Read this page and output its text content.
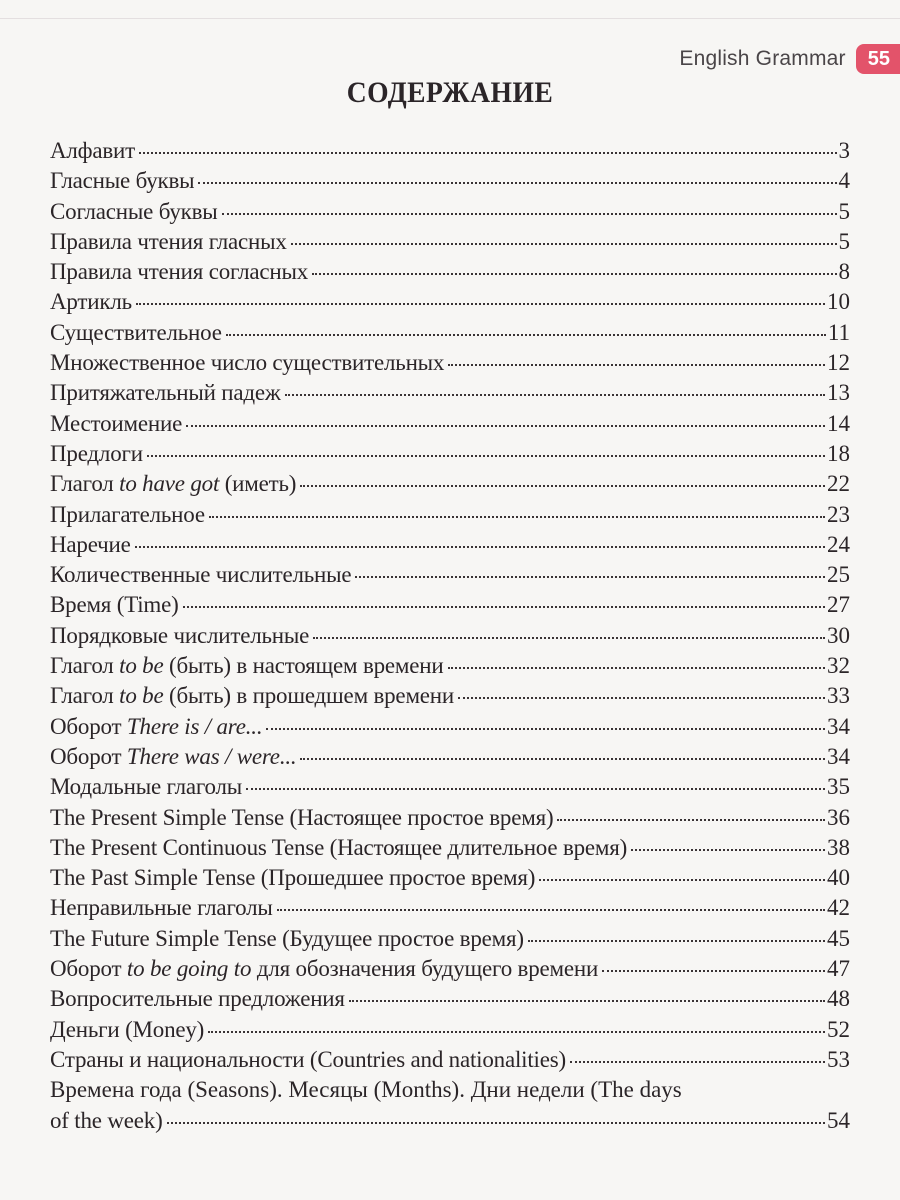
English Grammar	55
СОДЕРЖАНИЕ
Алфавит	3
Гласные буквы	4
Согласные буквы	5
Правила чтения гласных	5
Правила чтения согласных	8
Артикль	10
Существительное	11
Множественное число существительных	12
Притяжательный падеж	13
Местоимение	14
Предлоги	18
Глагол to have got (иметь)	22
Прилагательное	23
Наречие	24
Количественные числительные	25
Время (Time)	27
Порядковые числительные	30
Глагол to be (быть) в настоящем времени	32
Глагол to be (быть) в прошедшем времени	33
Оборот There is / are...	34
Оборот There was / were...	34
Модальные глаголы	35
The Present Simple Tense (Настоящее простое время)	36
The Present Continuous Tense (Настоящее длительное время)	38
The Past Simple Tense (Прошедшее простое время)	40
Неправильные глаголы	42
The Future Simple Tense (Будущее простое время)	45
Оборот to be going to для обозначения будущего времени	47
Вопросительные предложения	48
Деньги (Money)	52
Страны и национальности (Countries and nationalities)	53
Времена года (Seasons). Месяцы (Months). Дни недели (The days
of the week)	54
